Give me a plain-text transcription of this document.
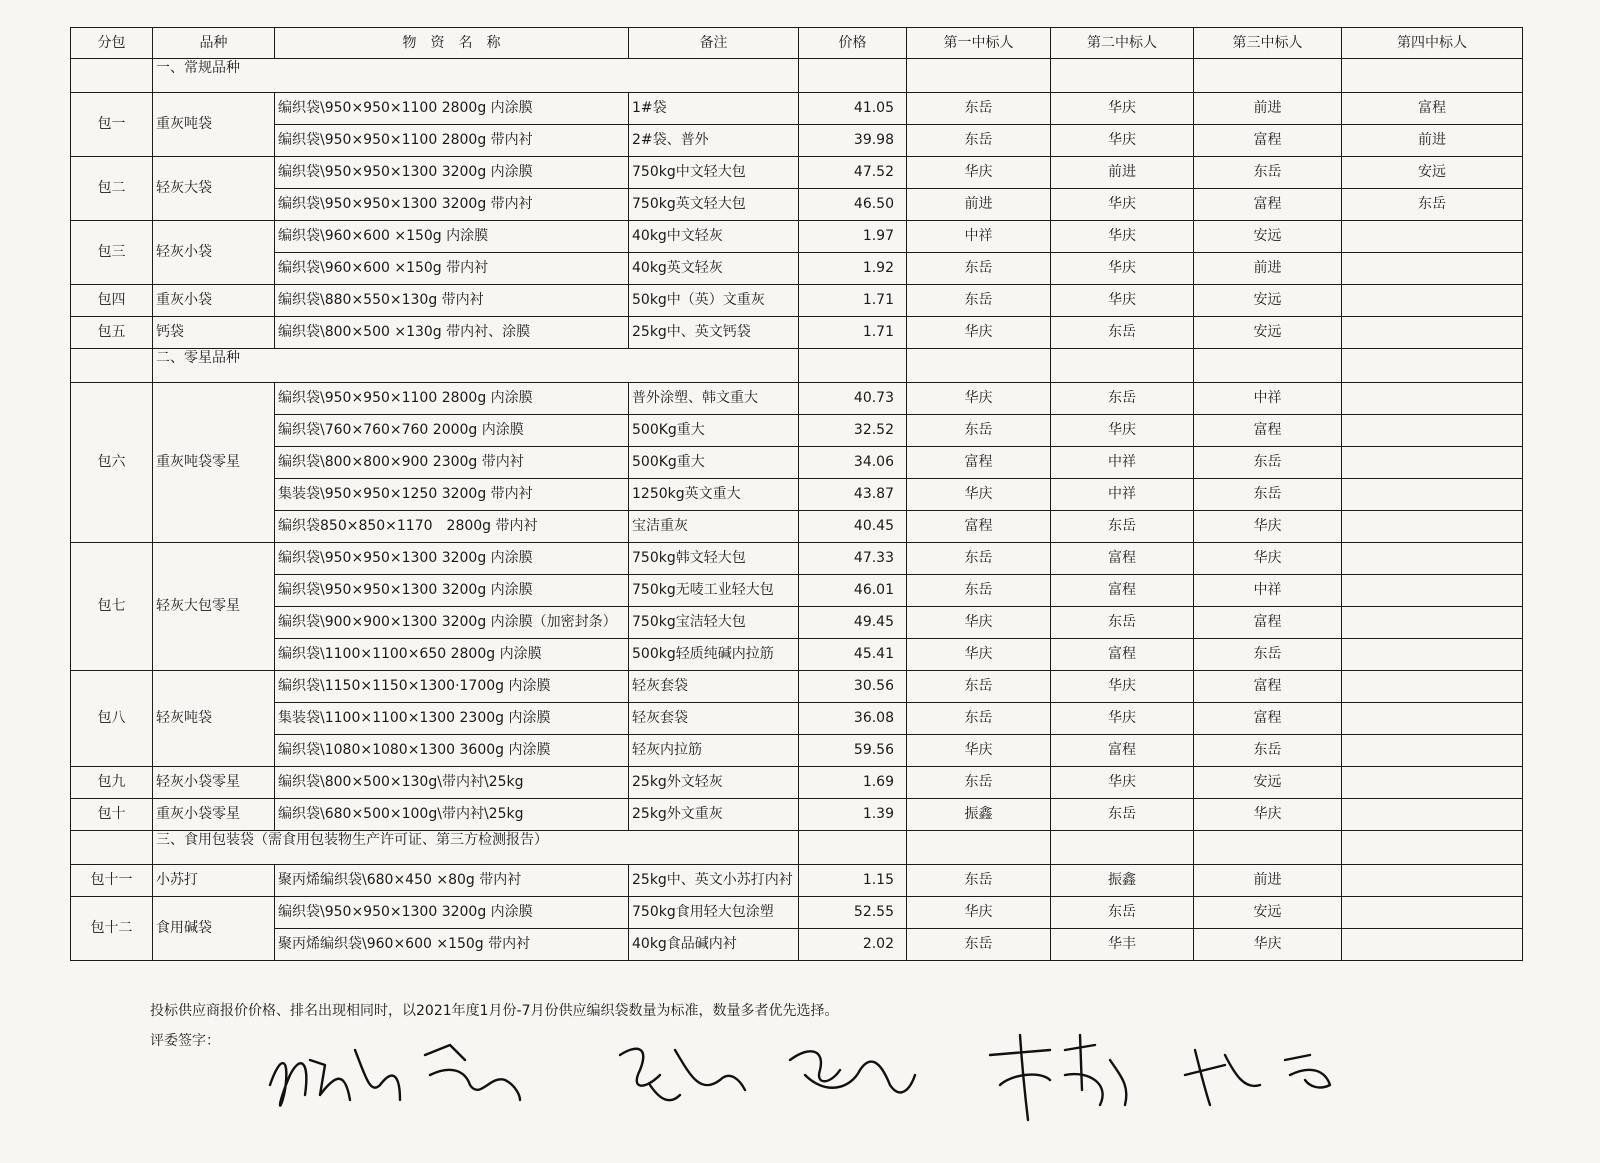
分包	品种	物　资　名　称	备注	价格	第一中标人	第二中标人	第三中标人	第四中标人
	一、常规品种							
包一	重灰吨袋	编织袋\950×950×1100 2800g 内涂膜	1#袋	41.05	东岳	华庆	前进	富程
		编织袋\950×950×1100 2800g 带内衬	2#袋、普外	39.98	东岳	华庆	富程	前进
包二	轻灰大袋	编织袋\950×950×1300 3200g 内涂膜	750kg中文轻大包	47.52	华庆	前进	东岳	安远
		编织袋\950×950×1300 3200g 带内衬	750kg英文轻大包	46.50	前进	华庆	富程	东岳
包三	轻灰小袋	编织袋\960×600 ×150g 内涂膜	40kg中文轻灰	1.97	中祥	华庆	安远	
		编织袋\960×600 ×150g 带内衬	40kg英文轻灰	1.92	东岳	华庆	前进	
包四	重灰小袋	编织袋\880×550×130g 带内衬	50kg中（英）文重灰	1.71	东岳	华庆	安远	
包五	钙袋	编织袋\800×500 ×130g 带内衬、涂膜	25kg中、英文钙袋	1.71	华庆	东岳	安远	
	二、零星品种							
包六	重灰吨袋零星	编织袋\950×950×1100 2800g 内涂膜	普外涂塑、韩文重大	40.73	华庆	东岳	中祥	
		编织袋\760×760×760 2000g 内涂膜	500Kg重大	32.52	东岳	华庆	富程	
		编织袋\800×800×900 2300g 带内衬	500Kg重大	34.06	富程	中祥	东岳	
		集装袋\950×950×1250 3200g 带内衬	1250kg英文重大	43.87	华庆	中祥	东岳	
		编织袋850×850×1170　2800g 带内衬	宝洁重灰	40.45	富程	东岳	华庆	
包七	轻灰大包零星	编织袋\950×950×1300 3200g 内涂膜	750kg韩文轻大包	47.33	东岳	富程	华庆	
		编织袋\950×950×1300 3200g 内涂膜	750kg无唛工业轻大包	46.01	东岳	富程	中祥	
		编织袋\900×900×1300 3200g 内涂膜（加密封条）	750kg宝洁轻大包	49.45	华庆	东岳	富程	
		编织袋\1100×1100×650 2800g 内涂膜	500kg轻质纯碱内拉筋	45.41	华庆	富程	东岳	
包八	轻灰吨袋	编织袋\1150×1150×1300·1700g 内涂膜	轻灰套袋	30.56	东岳	华庆	富程	
		集装袋\1100×1100×1300 2300g 内涂膜	轻灰套袋	36.08	东岳	华庆	富程	
		编织袋\1080×1080×1300 3600g 内涂膜	轻灰内拉筋	59.56	华庆	富程	东岳	
包九	轻灰小袋零星	编织袋\800×500×130g\带内衬\25kg	25kg外文轻灰	1.69	东岳	华庆	安远	
包十	重灰小袋零星	编织袋\680×500×100g\带内衬\25kg	25kg外文重灰	1.39	振鑫	东岳	华庆	
	三、食用包装袋（需食用包装物生产许可证、第三方检测报告）							
包十一	小苏打	聚丙烯编织袋\680×450 ×80g 带内衬	25kg中、英文小苏打内衬	1.15	东岳	振鑫	前进	
包十二	食用碱袋	编织袋\950×950×1300 3200g 内涂膜	750kg食用轻大包涂塑	52.55	华庆	东岳	安远	
		聚丙烯编织袋\960×600 ×150g 带内衬	40kg食品碱内衬	2.02	东岳	华丰	华庆	
投标供应商报价价格、排名出现相同时，以2021年度1月份-7月份供应编织袋数量为标准，数量多者优先选择。
评委签字：
